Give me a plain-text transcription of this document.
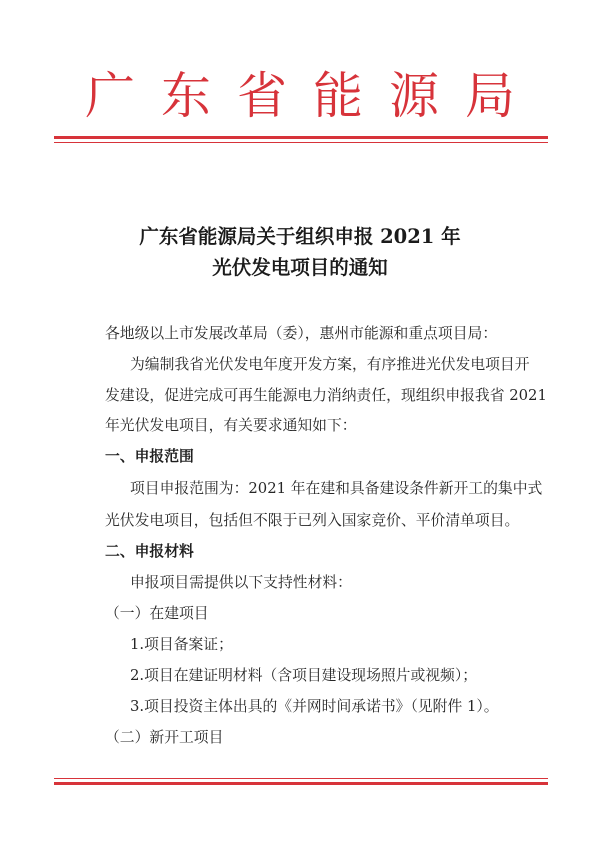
广东省能源局
广东省能源局关于组织申报 2021 年
光伏发电项目的通知
各地级以上市发展改革局（委），惠州市能源和重点项目局：
为编制我省光伏发电年度开发方案，有序推进光伏发电项目开
发建设，促进完成可再生能源电力消纳责任，现组织申报我省 2021
年光伏发电项目，有关要求通知如下：
一、申报范围
项目申报范围为：2021 年在建和具备建设条件新开工的集中式
光伏发电项目，包括但不限于已列入国家竞价、平价清单项目。
二、申报材料
申报项目需提供以下支持性材料：
（一）在建项目
1.项目备案证；
2.项目在建证明材料（含项目建设现场照片或视频）；
3.项目投资主体出具的《并网时间承诺书》（见附件 1）。
（二）新开工项目
